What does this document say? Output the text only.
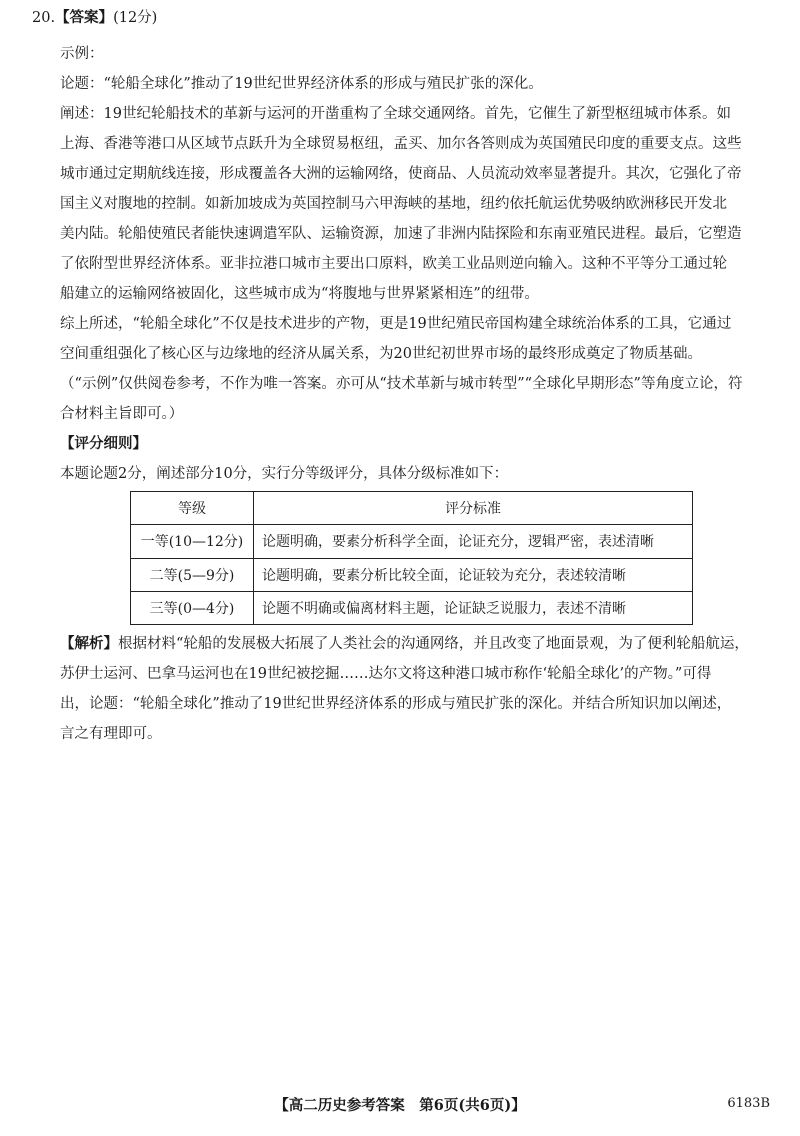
20.【答案】(12分)
示例：
论题：“轮船全球化”推动了19世纪世界经济体系的形成与殖民扩张的深化。
阐述：19世纪轮船技术的革新与运河的开凿重构了全球交通网络。首先，它催生了新型枢纽城市体系。如
上海、香港等港口从区域节点跃升为全球贸易枢纽，孟买、加尔各答则成为英国殖民印度的重要支点。这些
城市通过定期航线连接，形成覆盖各大洲的运输网络，使商品、人员流动效率显著提升。其次，它强化了帝
国主义对腹地的控制。如新加坡成为英国控制马六甲海峡的基地，纽约依托航运优势吸纳欧洲移民开发北
美内陆。轮船使殖民者能快速调遣军队、运输资源，加速了非洲内陆探险和东南亚殖民进程。最后，它塑造
了依附型世界经济体系。亚非拉港口城市主要出口原料，欧美工业品则逆向输入。这种不平等分工通过轮
船建立的运输网络被固化，这些城市成为“将腹地与世界紧紧相连”的纽带。
综上所述，“轮船全球化”不仅是技术进步的产物，更是19世纪殖民帝国构建全球统治体系的工具，它通过
空间重组强化了核心区与边缘地的经济从属关系，为20世纪初世界市场的最终形成奠定了物质基础。
（“示例”仅供阅卷参考，不作为唯一答案。亦可从“技术革新与城市转型”“全球化早期形态”等角度立论，符
合材料主旨即可。）
【评分细则】
本题论题2分，阐述部分10分，实行分等级评分，具体分级标准如下：
等级	评分标准
一等(10—12分)	论题明确，要素分析科学全面，论证充分，逻辑严密，表述清晰
二等(5—9分)	论题明确，要素分析比较全面，论证较为充分，表述较清晰
三等(0—4分)	论题不明确或偏离材料主题，论证缺乏说服力，表述不清晰
【解析】根据材料“轮船的发展极大拓展了人类社会的沟通网络，并且改变了地面景观，为了便利轮船航运，
苏伊士运河、巴拿马运河也在19世纪被挖掘……达尔文将这种港口城市称作‘轮船全球化’的产物。”可得
出，论题：“轮船全球化”推动了19世纪世界经济体系的形成与殖民扩张的深化。并结合所知识加以阐述，
言之有理即可。
【高二历史参考答案　第6页(共6页)】	6183B
